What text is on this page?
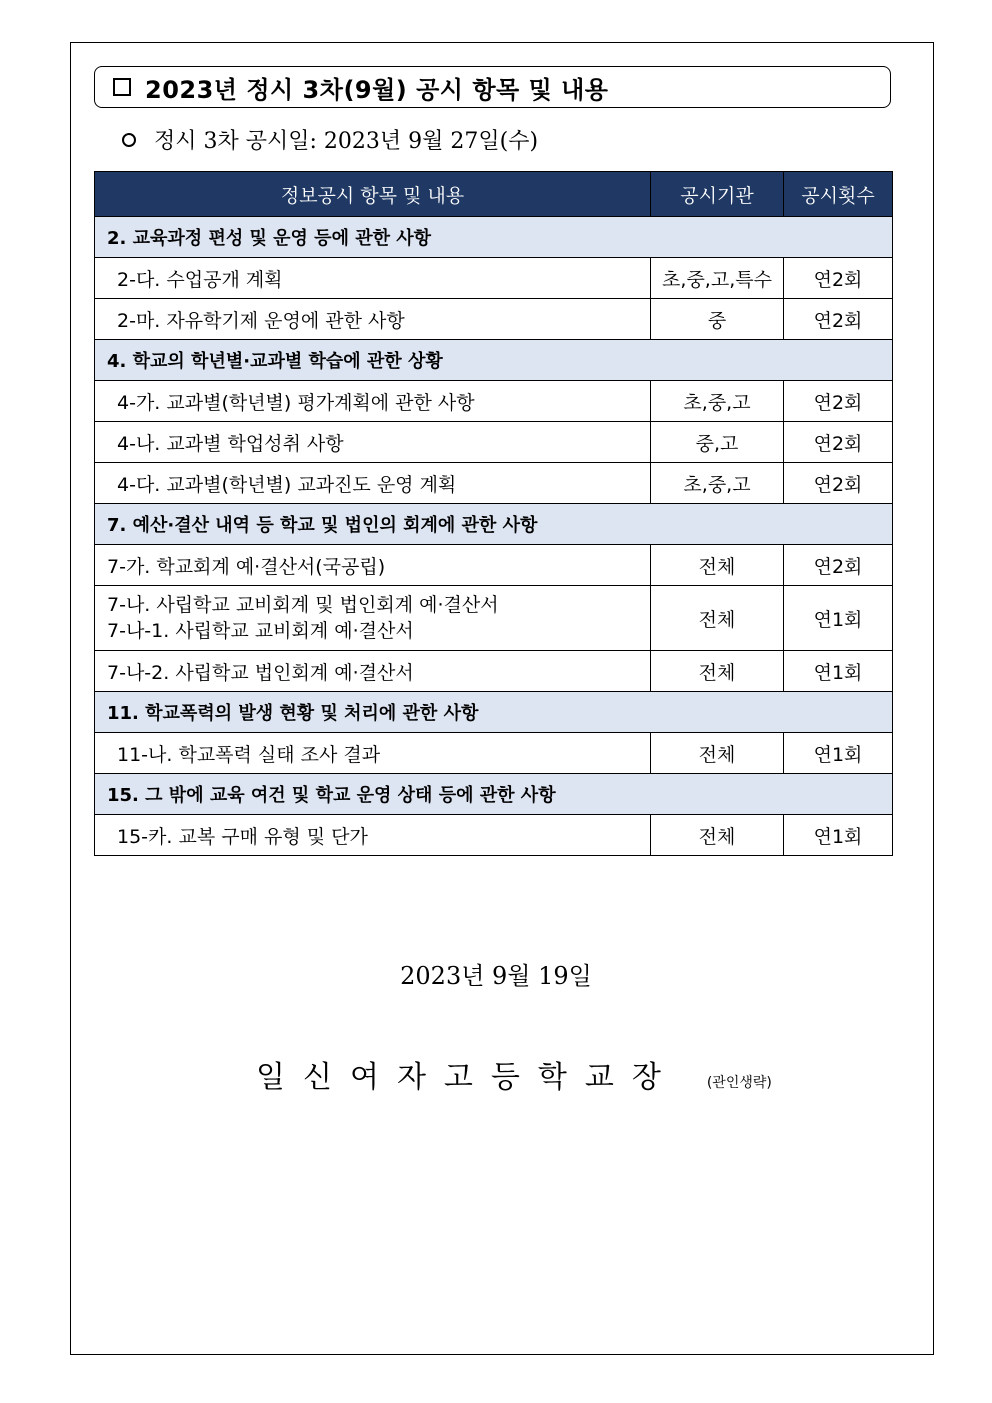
2023년 정시 3차(9월) 공시 항목 및 내용
정시 3차 공시일: 2023년 9월 27일(수)
정보공시 항목 및 내용	공시기관	공시횟수
2. 교육과정 편성 및 운영 등에 관한 사항		
2-다. 수업공개 계획	초,중,고,특수	연2회
2-마. 자유학기제 운영에 관한 사항	중	연2회
4. 학교의 학년별·교과별 학습에 관한 상황		
4-가. 교과별(학년별) 평가계획에 관한 사항	초,중,고	연2회
4-나. 교과별 학업성취 사항	중,고	연2회
4-다. 교과별(학년별) 교과진도 운영 계획	초,중,고	연2회
7. 예산·결산 내역 등 학교 및 법인의 회계에 관한 사항		
7-가. 학교회계 예·결산서(국공립)	전체	연2회

7-나. 사립학교 교비회계 및 법인회계 예·결산서
7-나-1. 사립학교 교비회계 예·결산서	전체	연1회
7-나-2. 사립학교 법인회계 예·결산서	전체	연1회
11. 학교폭력의 발생 현황 및 처리에 관한 사항		
11-나. 학교폭력 실태 조사 결과	전체	연1회
15. 그 밖에 교육 여건 및 학교 운영 상태 등에 관한 사항		
15-카. 교복 구매 유형 및 단가	전체	연1회
2023년 9월 19일
일신여자고등학교장 (관인생략)
